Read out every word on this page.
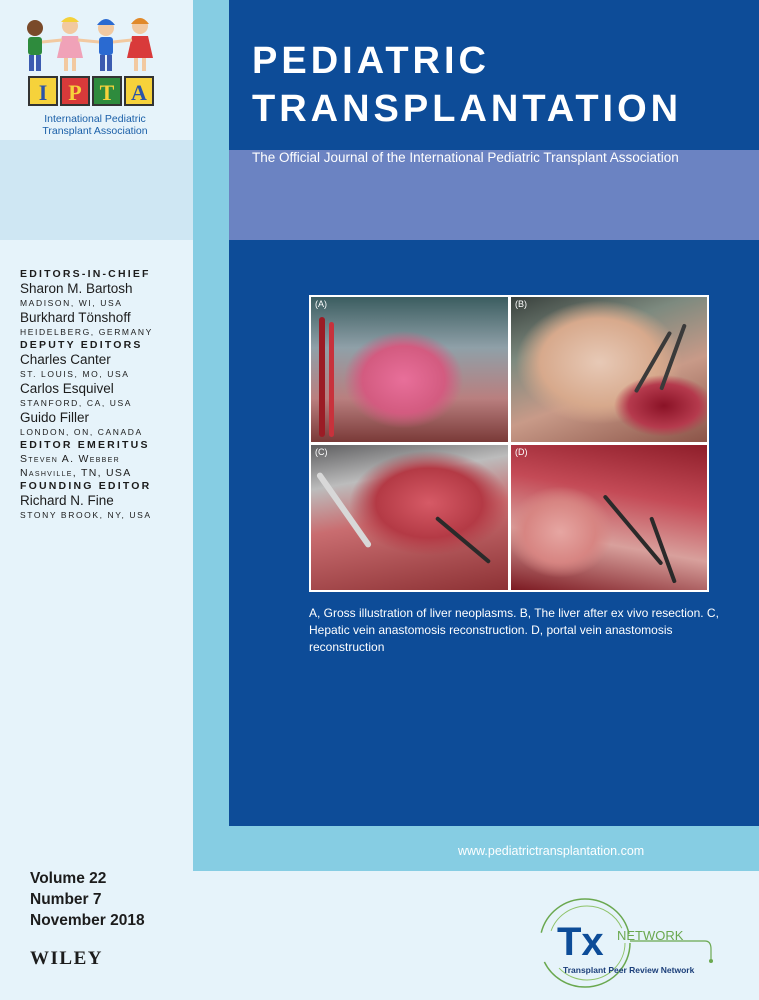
I P T A
International Pediatric
Transplant Association
PEDIATRIC
TRANSPLANTATION
The Official Journal of the International Pediatric Transplant Association
EDITORS-IN-CHIEF
Sharon M. Bartosh
MADISON, WI, USA
Burkhard Tönshoff
HEIDELBERG, GERMANY
DEPUTY EDITORS
Charles Canter
ST. LOUIS, MO, USA
Carlos Esquivel
STANFORD, CA, USA
Guido Filler
LONDON, ON, CANADA
EDITOR EMERITUS
Steven A. Webber
Nashville, TN, USA
FOUNDING EDITOR
Richard N. Fine
STONY BROOK, NY, USA
(A)	(B)
(C)	(D)
A, Gross illustration of liver neoplasms. B, The liver after ex vivo resection. C, Hepatic vein anastomosis reconstruction. D, portal vein anastomosis reconstruction
www.pediatrictransplantation.com
Volume 22
Number 7
November 2018
WILEY	Tx NETWORK
Transplant Peer Review Network
